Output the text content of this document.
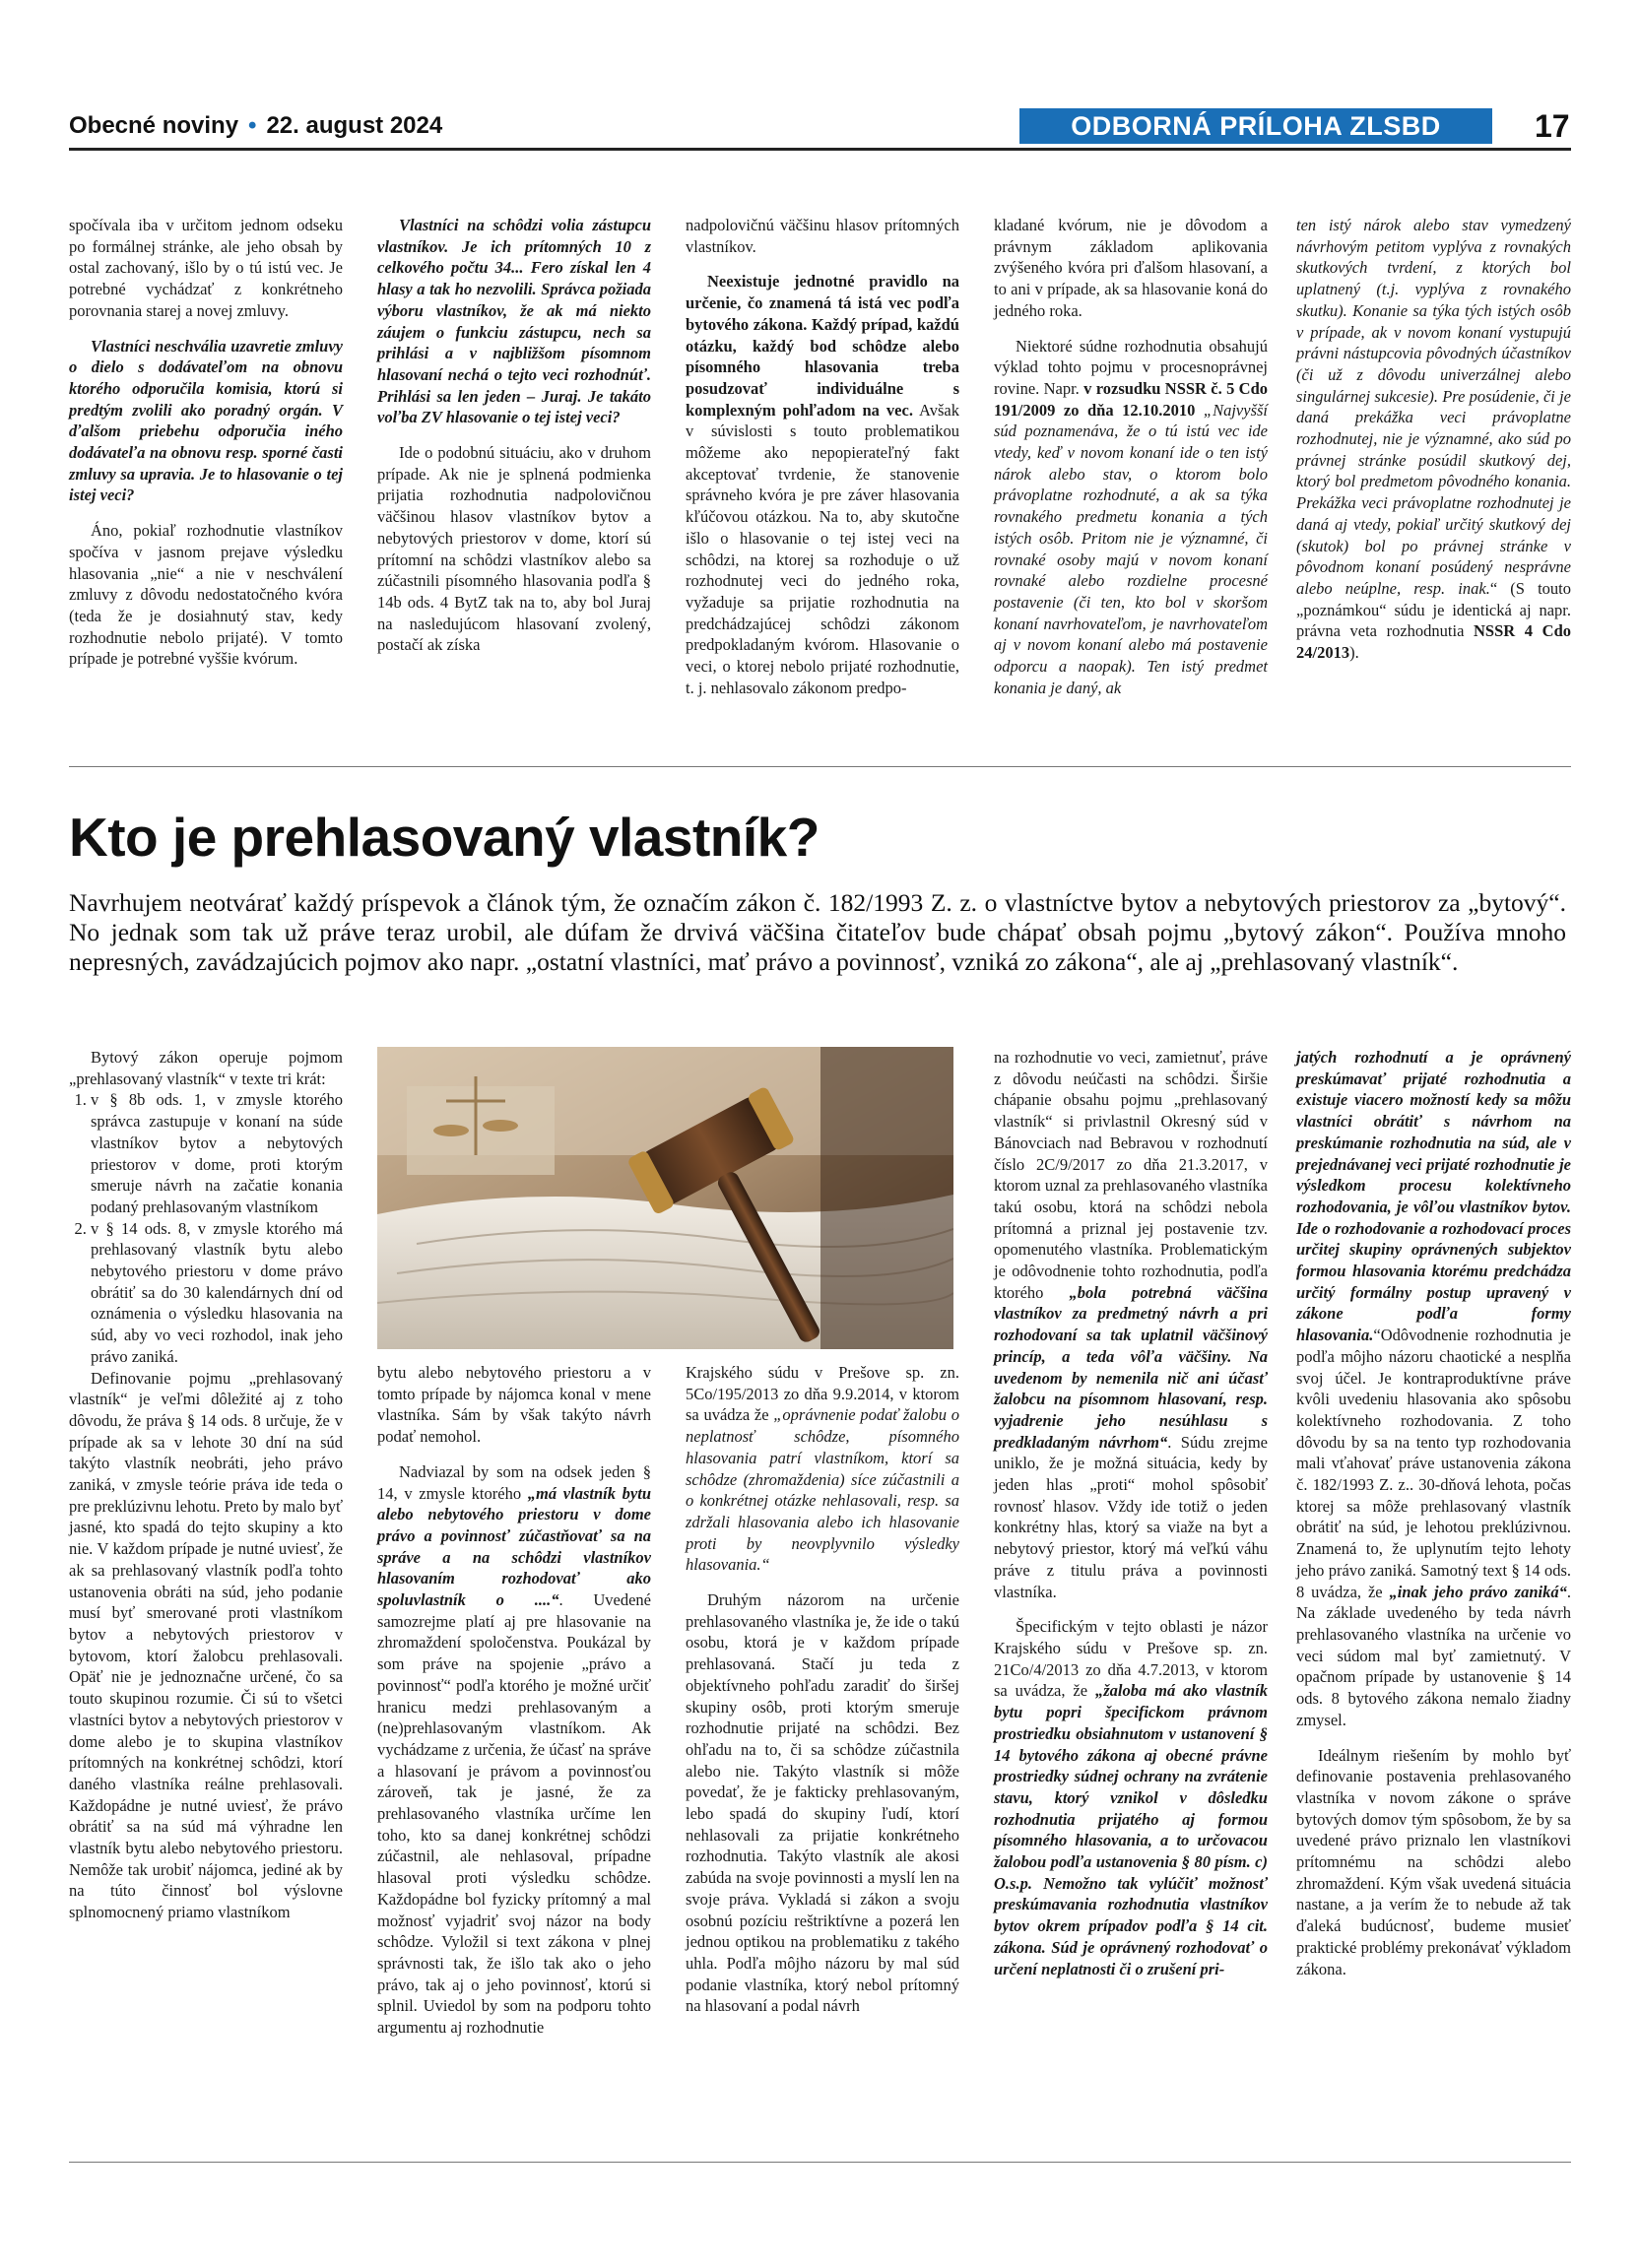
Obecné noviny • 22. august 2024	ODBORNÁ PRÍLOHA ZLSBD	17

spočívala iba v určitom jednom odseku po formálnej stránke, ale jeho obsah by ostal zachovaný, išlo by o tú istú vec. Je potrebné vychádzať z konkrétneho porovnania starej a novej zmluvy.

Vlastníci neschvália uzavretie zmluvy o dielo s dodávateľom na obnovu ktorého odporučila komisia, ktorú si predtým zvolili ako poradný orgán. V ďalšom priebehu odporučia iného dodávateľa na obnovu resp. sporné časti zmluvy sa upravia. Je to hlasovanie o tej istej veci?

Áno, pokiaľ rozhodnutie vlastníkov spočíva v jasnom prejave výsledku hlasovania „nie“ a nie v neschválení zmluvy z dôvodu nedostatočného kvóra (teda že je dosiahnutý stav, kedy rozhodnutie nebolo prijaté). V tomto prípade je potrebné vyššie kvórum.

Vlastníci na schôdzi volia zástupcu vlastníkov. Je ich prítomných 10 z celkového počtu 34... Fero získal len 4 hlasy a tak ho nezvolili. Správca požiada výboru vlastníkov, že ak má niekto záujem o funkciu zástupcu, nech sa prihlási a v najbližšom písomnom hlasovaní nechá o tejto veci rozhodnúť. Prihlási sa len jeden – Juraj. Je takáto voľba ZV hlasovanie o tej istej veci?

Ide o podobnú situáciu, ako v druhom prípade. Ak nie je splnená podmienka prijatia rozhodnutia nadpolovičnou väčšinou hlasov vlastníkov bytov a nebytových priestorov v dome, ktorí sú prítomní na schôdzi vlastníkov alebo sa zúčastnili písomného hlasovania podľa § 14b ods. 4 BytZ tak na to, aby bol Juraj na nasledujúcom hlasovaní zvolený, postačí ak získa

nadpolovičnú väčšinu hlasov prítomných vlastníkov.

Neexistuje jednotné pravidlo na určenie, čo znamená tá istá vec podľa bytového zákona. Každý prípad, každú otázku, každý bod schôdze alebo písomného hlasovania treba posudzovať individuálne s komplexným pohľadom na vec. Avšak v súvislosti s touto problematikou môžeme ako nepopierateľný fakt akceptovať tvrdenie, že stanovenie správneho kvóra je pre záver hlasovania kľúčovou otázkou. Na to, aby skutočne išlo o hlasovanie o tej istej veci na schôdzi, na ktorej sa rozhoduje o už rozhodnutej veci do jedného roka, vyžaduje sa prijatie rozhodnutia na predchádzajúcej schôdzi zákonom predpokladaným kvórom. Hlasovanie o veci, o ktorej nebolo prijaté rozhodnutie, t. j. nehlasovalo zákonom predpo-

kladané kvórum, nie je dôvodom a právnym základom aplikovania zvýšeného kvóra pri ďalšom hlasovaní, a to ani v prípade, ak sa hlasovanie koná do jedného roka.

Niektoré súdne rozhodnutia obsahujú výklad tohto pojmu v procesnoprávnej rovine. Napr. v rozsudku NSSR č. 5 Cdo 191/2009 zo dňa 12.10.2010 „Najvyšší súd poznamenáva, že o tú istú vec ide vtedy, keď v novom konaní ide o ten istý nárok alebo stav, o ktorom bolo právoplatne rozhodnuté, a ak sa týka rovnakého predmetu konania a tých istých osôb. Pritom nie je významné, či rovnaké osoby majú v novom konaní rovnaké alebo rozdielne procesné postavenie (či ten, kto bol v skoršom konaní navrhovateľom, je navrhovateľom aj v novom konaní alebo má postavenie odporcu a naopak). Ten istý predmet konania je daný, ak

ten istý nárok alebo stav vymedzený návrhovým petitom vyplýva z rovnakých skutkových tvrdení, z ktorých bol uplatnený (t.j. vyplýva z rovnakého skutku). Konanie sa týka tých istých osôb v prípade, ak v novom konaní vystupujú právni nástupcovia pôvodných účastníkov (či už z dôvodu univerzálnej alebo singulárnej sukcesie). Pre posúdenie, či je daná prekážka veci právoplatne rozhodnutej, nie je významné, ako súd po právnej stránke posúdil skutkový dej, ktorý bol predmetom pôvodného konania. Prekážka veci právoplatne rozhodnutej je daná aj vtedy, pokiaľ určitý skutkový dej (skutok) bol po právnej stránke v pôvodnom konaní posúdený nesprávne alebo neúplne, resp. inak.“ (S touto „poznámkou“ súdu je identická aj napr. právna veta rozhodnutia NSSR 4 Cdo 24/2013).

Kto je prehlasovaný vlastník?
Navrhujem neotvárať každý príspevok a článok tým, že označím zákon č. 182/1993 Z. z. o vlastníctve bytov a nebytových priestorov za „bytový“. No jednak som tak už práve teraz urobil, ale dúfam že drvivá väčšina čitateľov bude chápať obsah pojmu „bytový zákon“. Používa mnoho nepresných, zavádzajúcich pojmov ako napr. „ostatní vlastníci, mať právo a povinnosť, vzniká zo zákona“, ale aj „prehlasovaný vlastník“.

Bytový zákon operuje pojmom „prehlasovaný vlastník“ v texte tri krát:

1. v § 8b ods. 1, v zmysle ktorého správca zastupuje v konaní na súde vlastníkov bytov a nebytových priestorov v dome, proti ktorým smeruje návrh na začatie konania podaný prehlasovaným vlastníkom
2. v § 14 ods. 8, v zmysle ktorého má prehlasovaný vlastník bytu alebo nebytového priestoru v dome právo obrátiť sa do 30 kalendárnych dní od oznámenia o výsledku hlasovania na súd, aby vo veci rozhodol, inak jeho právo zaniká.

Definovanie pojmu „prehlasovaný vlastník“ je veľmi dôležité aj z toho dôvodu, že práva § 14 ods. 8 určuje, že v prípade ak sa v lehote 30 dní na súd takýto vlastník neobráti, jeho právo zaniká, v zmysle teórie práva ide teda o pre preklúzivnu lehotu. Preto by malo byť jasné, kto spadá do tejto skupiny a kto nie. V každom prípade je nutné uviesť, že ak sa prehlasovaný vlastník podľa tohto ustanovenia obráti na súd, jeho podanie musí byť smerované proti vlastníkom bytov a nebytových priestorov v bytovom, ktorí žalobcu prehlasovali. Opäť nie je jednoznačne určené, čo sa touto skupinou rozumie. Či sú to všetci vlastníci bytov a nebytových priestorov v dome alebo je to skupina vlastníkov prítomných na konkrétnej schôdzi, ktorí daného vlastníka reálne prehlasovali. Každopádne je nutné uviesť, že právo obrátiť sa na súd má výhradne len vlastník bytu alebo nebytového priestoru. Nemôže tak urobiť nájomca, jediné ak by na túto činnosť bol výslovne splnomocnený priamo vlastníkom

bytu alebo nebytového priestoru a v tomto prípade by nájomca konal v mene vlastníka. Sám by však takýto návrh podať nemohol.

Nadviazal by som na odsek jeden § 14, v zmysle ktorého „má vlastník bytu alebo nebytového priestoru v dome právo a povinnosť zúčastňovať sa na správe a na schôdzi vlastníkov hlasovaním rozhodovať ako spoluvlastník o ....“. Uvedené samozrejme platí aj pre hlasovanie na zhromaždení spoločenstva. Poukázal by som práve na spojenie „právo a povinnosť“ podľa ktorého je možné určiť hranicu medzi prehlasovaným a (ne)prehlasovaným vlastníkom. Ak vychádzame z určenia, že účasť na správe a hlasovaní je právom a povinnosťou zároveň, tak je jasné, že za prehlasovaného vlastníka určíme len toho, kto sa danej konkrétnej schôdzi zúčastnil, ale nehlasoval, prípadne hlasoval proti výsledku schôdze. Každopádne bol fyzicky prítomný a mal možnosť vyjadriť svoj názor na body schôdze. Vyložil si text zákona v plnej správnosti tak, že išlo tak ako o jeho právo, tak aj o jeho povinnosť, ktorú si splnil. Uviedol by som na podporu tohto argumentu aj rozhodnutie

Krajského súdu v Prešove sp. zn. 5Co/195/2013 zo dňa 9.9.2014, v ktorom sa uvádza že „oprávnenie podať žalobu o neplatnosť schôdze, písomného hlasovania patrí vlastníkom, ktorí sa schôdze (zhromaždenia) síce zúčastnili a o konkrétnej otázke nehlasovali, resp. sa zdržali hlasovania alebo ich hlasovanie proti by neovplyvnilo výsledky hlasovania.“

Druhým názorom na určenie prehlasovaného vlastníka je, že ide o takú osobu, ktorá je v každom prípade prehlasovaná. Stačí ju teda z objektívneho pohľadu zaradiť do širšej skupiny osôb, proti ktorým smeruje rozhodnutie prijaté na schôdzi. Bez ohľadu na to, či sa schôdze zúčastnila alebo nie. Takýto vlastník si môže povedať, že je fakticky prehlasovaným, lebo spadá do skupiny ľudí, ktorí nehlasovali za prijatie konkrétneho rozhodnutia. Takýto vlastník ale akosi zabúda na svoje povinnosti a myslí len na svoje práva. Vykladá si zákon a svoju osobnú pozíciu reštriktívne a pozerá len jednou optikou na problematiku z takého uhla. Podľa môjho názoru by mal súd podanie vlastníka, ktorý nebol prítomný na hlasovaní a podal návrh

na rozhodnutie vo veci, zamietnuť, práve z dôvodu neúčasti na schôdzi. Širšie chápanie obsahu pojmu „prehlasovaný vlastník“ si privlastnil Okresný súd v Bánovciach nad Bebravou v rozhodnutí číslo 2C/9/2017 zo dňa 21.3.2017, v ktorom uznal za prehlasovaného vlastníka takú osobu, ktorá na schôdzi nebola prítomná a priznal jej postavenie tzv. opomenutého vlastníka. Problematickým je odôvodnenie tohto rozhodnutia, podľa ktorého „bola potrebná väčšina vlastníkov za predmetný návrh a pri rozhodovaní sa tak uplatnil väčšinový princíp, a teda vôľa väčšiny. Na uvedenom by nemenila nič ani účasť žalobcu na písomnom hlasovaní, resp. vyjadrenie jeho nesúhlasu s predkladaným návrhom“. Súdu zrejme uniklo, že je možná situácia, kedy by jeden hlas „proti“ mohol spôsobiť rovnosť hlasov. Vždy ide totiž o jeden konkrétny hlas, ktorý sa viaže na byt a nebytový priestor, ktorý má veľkú váhu práve z titulu práva a povinnosti vlastníka.

Špecifickým v tejto oblasti je názor Krajského súdu v Prešove sp. zn. 21Co/4/2013 zo dňa 4.7.2013, v ktorom sa uvádza, že „žaloba má ako vlastník bytu popri špecifickom právnom prostriedku obsiahnutom v ustanovení § 14 bytového zákona aj obecné právne prostriedky súdnej ochrany na zvrátenie stavu, ktorý vznikol v dôsledku rozhodnutia prijatého aj formou písomného hlasovania, a to určovacou žalobou podľa ustanovenia § 80 písm. c) O.s.p. Nemožno tak vylúčiť možnosť preskúmavania rozhodnutia vlastníkov bytov okrem prípadov podľa § 14 cit. zákona. Súd je oprávnený rozhodovať o určení neplatnosti či o zrušení pri-

jatých rozhodnutí a je oprávnený preskúmavať prijaté rozhodnutia a existuje viacero možností kedy sa môžu vlastníci obrátiť s návrhom na preskúmanie rozhodnutia na súd, ale v prejednávanej veci prijaté rozhodnutie je výsledkom procesu kolektívneho rozhodovania, je vôľou vlastníkov bytov. Ide o rozhodovanie a rozhodovací proces určitej skupiny oprávnených subjektov formou hlasovania ktorému predchádza určitý formálny postup upravený v zákone podľa formy hlasovania.“Odôvodnenie rozhodnutia je podľa môjho názoru chaotické a nesplňa svoj účel. Je kontraproduktívne práve kvôli uvedeniu hlasovania ako spôsobu kolektívneho rozhodovania. Z toho dôvodu by sa na tento typ rozhodovania mali vťahovať práve ustanovenia zákona č. 182/1993 Z. z.. 30-dňová lehota, počas ktorej sa môže prehlasovaný vlastník obrátiť na súd, je lehotou preklúzivnou. Znamená to, že uplynutím tejto lehoty jeho právo zaniká. Samotný text § 14 ods. 8 uvádza, že „inak jeho právo zaniká“. Na základe uvedeného by teda návrh prehlasovaného vlastníka na určenie vo veci súdom mal byť zamietnutý. V opačnom prípade by ustanovenie § 14 ods. 8 bytového zákona nemalo žiadny zmysel.

Ideálnym riešením by mohlo byť definovanie postavenia prehlasovaného vlastníka v novom zákone o správe bytových domov tým spôsobom, že by sa uvedené právo priznalo len vlastníkovi prítomnému na schôdzi alebo zhromaždení. Kým však uvedená situácia nastane, a ja verím že to nebude až tak ďaleká budúcnosť, budeme musieť praktické problémy prekonávať výkladom zákona.
